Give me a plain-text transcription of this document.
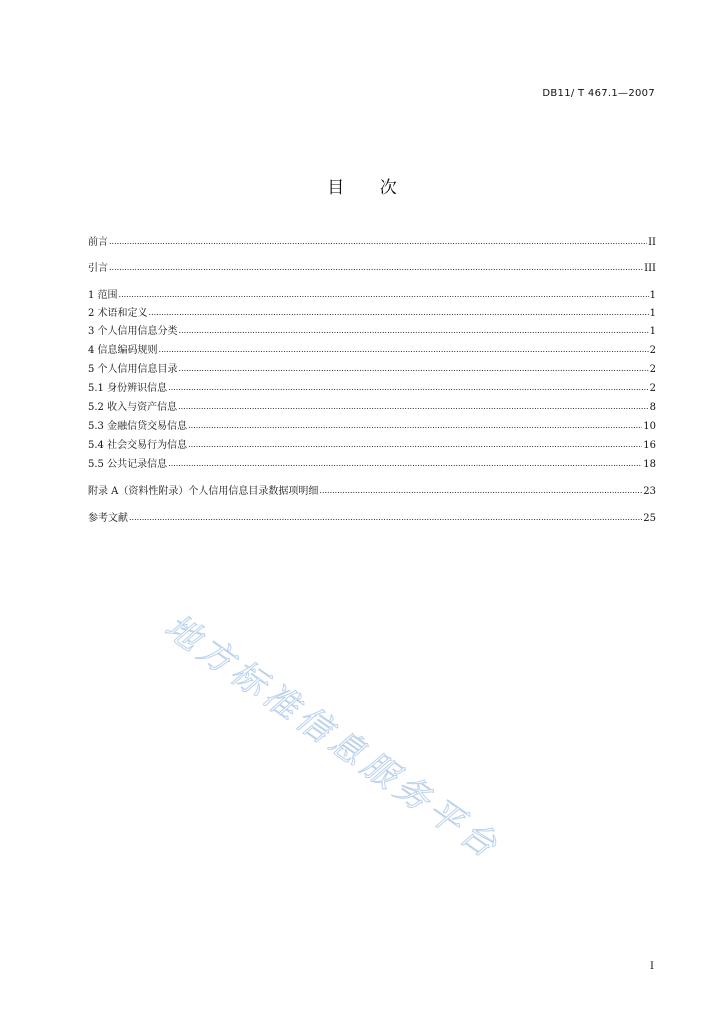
DB11/ T 467.1—2007
目 次
前言 .....	II
引言 .....	III
1 范围 .....	1
2 术语和定义 .....	1
3 个人信用信息分类 .....	1
4 信息编码规则 .....	2
5 个人信用信息目录 .....	2
5.1 身份辨识信息 .....	2
5.2 收入与资产信息 .....	8
5.3 金融信贷交易信息 .....	10
5.4 社会交易行为信息 .....	16
5.5 公共记录信息 .....	18
附录 A（资料性附录）个人信用信息目录数据项明细 .....	23
参考文献 .....	25
地方标准信息服务平台
I
